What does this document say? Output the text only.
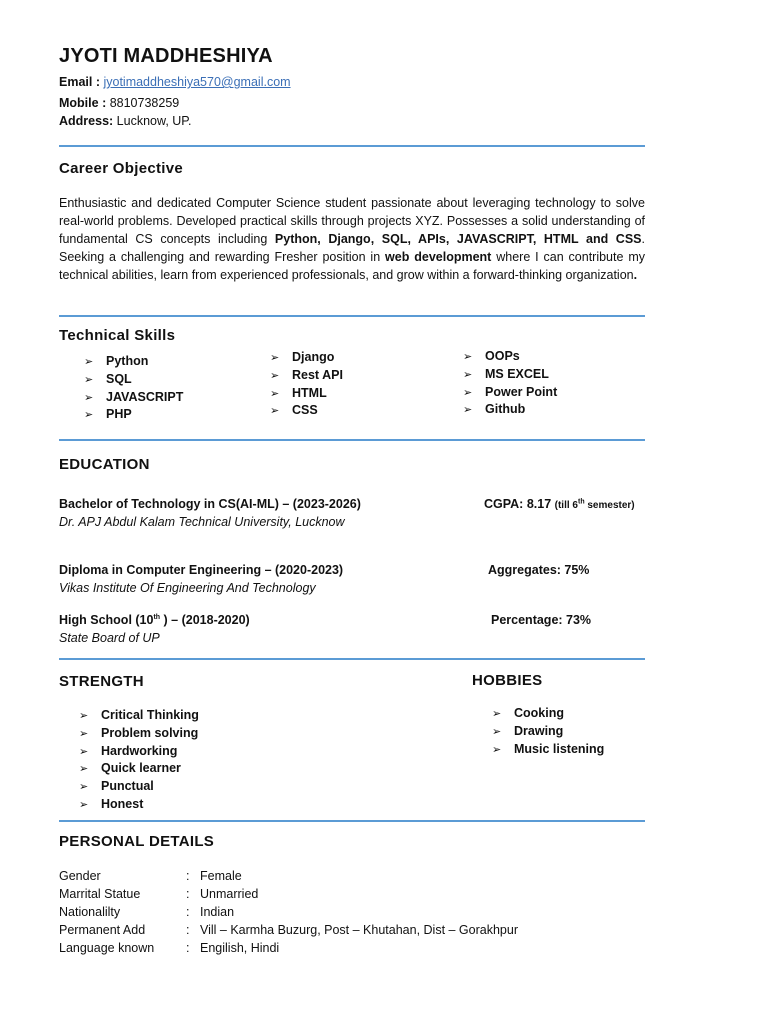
JYOTI MADDHESHIYA
Email : jyotimaddheshiya570@gmail.com
Mobile : 8810738259
Address: Lucknow, UP.
Career Objective
Enthusiastic and dedicated Computer Science student passionate about leveraging technology to solve real-world problems. Developed practical skills through projects XYZ. Possesses a solid understanding of fundamental CS concepts including Python, Django, SQL, APIs, JAVASCRIPT, HTML and CSS. Seeking a challenging and rewarding Fresher position in web development where I can contribute my technical abilities, learn from experienced professionals, and grow within a forward-thinking organization.
Technical Skills
➢ Python
➢ SQL
➢ JAVASCRIPT
➢ PHP
➢ Django
➢ Rest API
➢ HTML
➢ CSS
➢ OOPs
➢ MS EXCEL
➢ Power Point
➢ Github
EDUCATION
Bachelor of Technology in CS(AI-ML) – (2023-2026)
Dr. APJ Abdul Kalam Technical University, Lucknow
CGPA: 8.17 (till 6th semester)
Diploma in Computer Engineering – (2020-2023)
Vikas Institute Of Engineering And Technology
Aggregates: 75%
High School (10th ) – (2018-2020)
State Board of UP
Percentage: 73%
STRENGTH
➢ Critical Thinking
➢ Problem solving
➢ Hardworking
➢ Quick learner
➢ Punctual
➢ Honest
HOBBIES
➢ Cooking
➢ Drawing
➢ Music listening
PERSONAL DETAILS
Gender	: Female
Marrital Statue	: Unmarried
Nationalilty	: Indian
Permanent Add	: Vill – Karmha Buzurg, Post – Khutahan, Dist – Gorakhpur
Language known	: Engilish, Hindi
